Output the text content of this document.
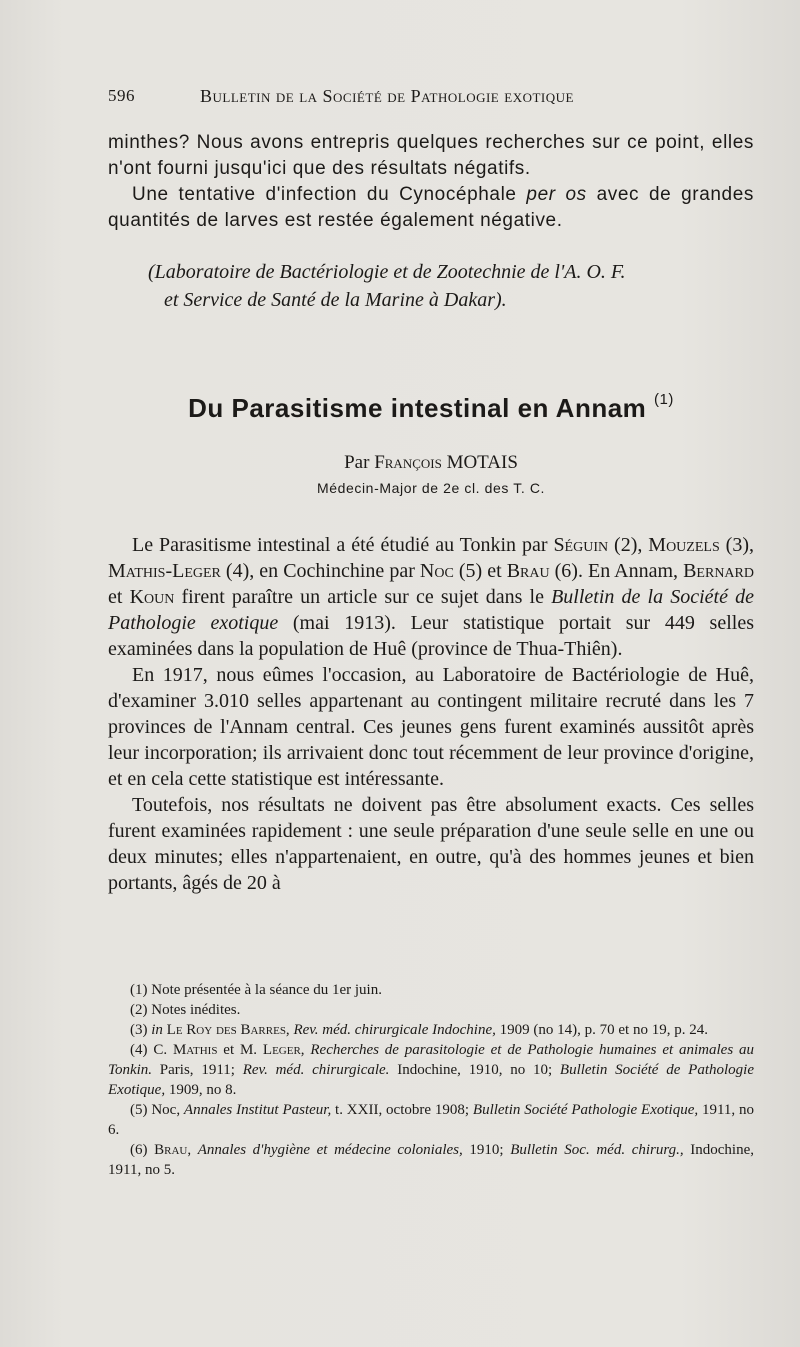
596	Bulletin de la Société de Pathologie exotique

minthes? Nous avons entrepris quelques recherches sur ce point, elles n'ont fourni jusqu'ici que des résultats négatifs.

Une tentative d'infection du Cynocéphale per os avec de grandes quantités de larves est restée également négative.

(Laboratoire de Bactériologie et de Zootechnie de l'A. O. F.

et Service de Santé de la Marine à Dakar).

Du Parasitisme intestinal en Annam $^{(1)}$
Par François MOTAIS
Médecin-Major de 2e cl. des T. C.

Le Parasitisme intestinal a été étudié au Tonkin par Séguin (2), Mouzels (3), Mathis-Leger (4), en Cochinchine par Noc (5) et Brau (6). En Annam, Bernard et Koun firent paraître un article sur ce sujet dans le Bulletin de la Société de Pathologie exotique (mai 1913). Leur statistique portait sur 449 selles examinées dans la population de Huê (province de Thua-Thiên).

En 1917, nous eûmes l'occasion, au Laboratoire de Bactériologie de Huê, d'examiner 3.010 selles appartenant au contingent militaire recruté dans les 7 provinces de l'Annam central. Ces jeunes gens furent examinés aussitôt après leur incorporation; ils arrivaient donc tout récemment de leur province d'origine, et en cela cette statistique est intéressante.

Toutefois, nos résultats ne doivent pas être absolument exacts. Ces selles furent examinées rapidement : une seule préparation d'une seule selle en une ou deux minutes; elles n'appartenaient, en outre, qu'à des hommes jeunes et bien portants, âgés de 20 à

(1) Note présentée à la séance du 1er juin.

(2) Notes inédites.

(3) in Le Roy des Barres, Rev. méd. chirurgicale Indochine, 1909 (no 14), p. 70 et no 19, p. 24.

(4) C. Mathis et M. Leger, Recherches de parasitologie et de Pathologie humaines et animales au Tonkin. Paris, 1911; Rev. méd. chirurgicale. Indochine, 1910, no 10; Bulletin Société de Pathologie Exotique, 1909, no 8.

(5) Noc, Annales Institut Pasteur, t. XXII, octobre 1908; Bulletin Société Pathologie Exotique, 1911, no 6.

(6) Brau, Annales d'hygiène et médecine coloniales, 1910; Bulletin Soc. méd. chirurg., Indochine, 1911, no 5.
